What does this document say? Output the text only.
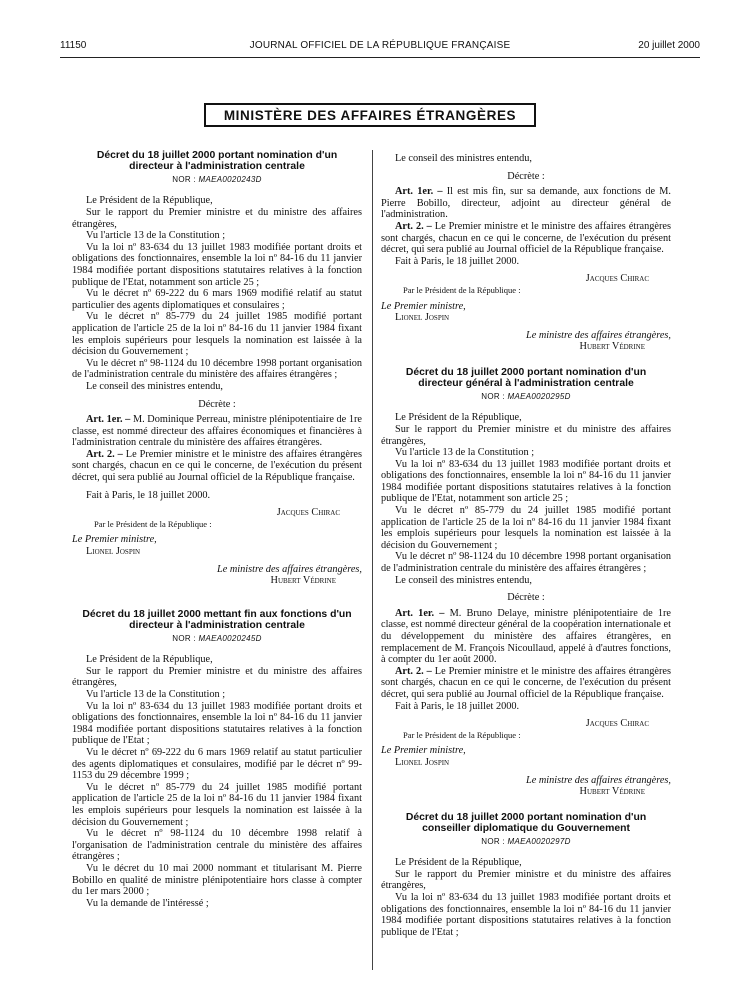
11150	JOURNAL OFFICIEL DE LA RÉPUBLIQUE FRANÇAISE	20 juillet 2000
MINISTÈRE DES AFFAIRES ÉTRANGÈRES
Décret du 18 juillet 2000 portant nomination d'un directeur à l'administration centrale
NOR : MAEA0020243D

Le Président de la République,

Sur le rapport du Premier ministre et du ministre des affaires étrangères,

Vu l'article 13 de la Constitution ;

Vu la loi nº 83-634 du 13 juillet 1983 modifiée portant droits et obligations des fonctionnaires, ensemble la loi nº 84-16 du 11 janvier 1984 modifiée portant dispositions statutaires relatives à la fonction publique de l'Etat, notamment son article 25 ;

Vu le décret nº 69-222 du 6 mars 1969 modifié relatif au statut particulier des agents diplomatiques et consulaires ;

Vu le décret nº 85-779 du 24 juillet 1985 modifié portant application de l'article 25 de la loi nº 84-16 du 11 janvier 1984 fixant les emplois supérieurs pour lesquels la nomination est laissée à la décision du Gouvernement ;

Vu le décret nº 98-1124 du 10 décembre 1998 portant organisation de l'administration centrale du ministère des affaires étrangères ;

Le conseil des ministres entendu,

Décrète :

Art. 1er. – M. Dominique Perreau, ministre plénipotentiaire de 1re classe, est nommé directeur des affaires économiques et financières à l'administration centrale du ministère des affaires étrangères.

Art. 2. – Le Premier ministre et le ministre des affaires étrangères sont chargés, chacun en ce qui le concerne, de l'exécution du présent décret, qui sera publié au Journal officiel de la République française.

Fait à Paris, le 18 juillet 2000.

Jacques Chirac

Par le Président de la République :

Le Premier ministre,

Lionel Jospin

Le ministre des affaires étrangères,

Hubert Védrine

Décret du 18 juillet 2000 mettant fin aux fonctions d'un directeur à l'administration centrale
NOR : MAEA0020245D

Le Président de la République,

Sur le rapport du Premier ministre et du ministre des affaires étrangères,

Vu l'article 13 de la Constitution ;

Vu la loi nº 83-634 du 13 juillet 1983 modifiée portant droits et obligations des fonctionnaires, ensemble la loi nº 84-16 du 11 janvier 1984 modifiée portant dispositions statutaires relatives à la fonction publique de l'Etat ;

Vu le décret nº 69-222 du 6 mars 1969 relatif au statut particulier des agents diplomatiques et consulaires, modifié par le décret nº 99-1153 du 29 décembre 1999 ;

Vu le décret nº 85-779 du 24 juillet 1985 modifié portant application de l'article 25 de la loi nº 84-16 du 11 janvier 1984 fixant les emplois supérieurs pour lesquels la nomination est laissée à la décision du Gouvernement ;

Vu le décret nº 98-1124 du 10 décembre 1998 relatif à l'organisation de l'administration centrale du ministère des affaires étrangères ;

Vu le décret du 10 mai 2000 nommant et titularisant M. Pierre Bobillo en qualité de ministre plénipotentiaire hors classe à compter du 1er mars 2000 ;

Vu la demande de l'intéressé ;

Le conseil des ministres entendu,

Décrète :

Art. 1er. – Il est mis fin, sur sa demande, aux fonctions de M. Pierre Bobillo, directeur, adjoint au directeur général de l'administration.

Art. 2. – Le Premier ministre et le ministre des affaires étrangères sont chargés, chacun en ce qui le concerne, de l'exécution du présent décret, qui sera publié au Journal officiel de la République française.

Fait à Paris, le 18 juillet 2000.

Jacques Chirac

Par le Président de la République :

Le Premier ministre,

Lionel Jospin

Le ministre des affaires étrangères,

Hubert Védrine

Décret du 18 juillet 2000 portant nomination d'un directeur général à l'administration centrale
NOR : MAEA0020295D

Le Président de la République,

Sur le rapport du Premier ministre et du ministre des affaires étrangères,

Vu l'article 13 de la Constitution ;

Vu la loi nº 83-634 du 13 juillet 1983 modifiée portant droits et obligations des fonctionnaires, ensemble la loi nº 84-16 du 11 janvier 1984 modifiée portant dispositions statutaires relatives à la fonction publique de l'Etat, notamment son article 25 ;

Vu le décret nº 85-779 du 24 juillet 1985 modifié portant application de l'article 25 de la loi nº 84-16 du 11 janvier 1984 fixant les emplois supérieurs pour lesquels la nomination est laissée à la décision du Gouvernement ;

Vu le décret nº 98-1124 du 10 décembre 1998 portant organisation de l'administration centrale du ministère des affaires étrangères ;

Le conseil des ministres entendu,

Décrète :

Art. 1er. – M. Bruno Delaye, ministre plénipotentiaire de 1re classe, est nommé directeur général de la coopération internationale et du développement du ministère des affaires étrangères, en remplacement de M. François Nicoullaud, appelé à d'autres fonctions, à compter du 1er août 2000.

Art. 2. – Le Premier ministre et le ministre des affaires étrangères sont chargés, chacun en ce qui le concerne, de l'exécution du présent décret, qui sera publié au Journal officiel de la République française.

Fait à Paris, le 18 juillet 2000.

Jacques Chirac

Par le Président de la République :

Le Premier ministre,

Lionel Jospin

Le ministre des affaires étrangères,

Hubert Védrine

Décret du 18 juillet 2000 portant nomination d'un conseiller diplomatique du Gouvernement
NOR : MAEA0020297D

Le Président de la République,

Sur le rapport du Premier ministre et du ministre des affaires étrangères,

Vu la loi nº 83-634 du 13 juillet 1983 modifiée portant droits et obligations des fonctionnaires, ensemble la loi nº 84-16 du 11 janvier 1984 modifiée portant dispositions statutaires relatives à la fonction publique de l'Etat ;
